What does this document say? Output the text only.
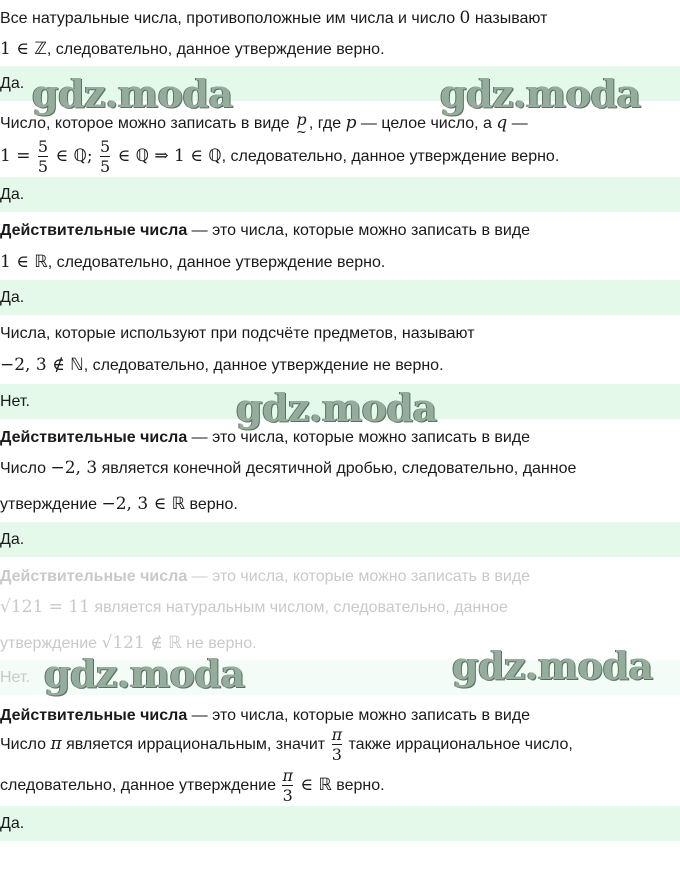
Все натуральные числа, противоположные им числа и число 0 называют
1 ∈ ℤ, следовательно, данное утверждение верно.
Да.
Число, которое можно записать в виде p
~
, где p — целое число, а q —
$1 = \frac{5}{5}$ ∈ ℚ; $\frac{5}{5}$ ∈ ℚ ⇒ 1 ∈ ℚ, следовательно, данное утверждение верно.
Да.
Действительные числа — это числа, которые можно записать в виде
1 ∈ ℝ, следовательно, данное утверждение верно.
Да.
Числа, которые используют при подсчёте предметов, называют
−2, 3 ∉ ℕ, следовательно, данное утверждение не верно.
Нет.
Действительные числа — это числа, которые можно записать в виде
Число −2, 3 является конечной десятичной дробью, следовательно, данное
утверждение −2, 3 ∈ ℝ верно.
Да.
Действительные числа — это числа, которые можно записать в виде
√121 = 11 является натуральным числом, следовательно, данное
утверждение √121 ∉ ℝ не верно.
Нет.
Действительные числа — это числа, которые можно записать в виде
Число π является иррациональным, значит $\frac{\pi}{3}$ также иррациональное число,
следовательно, данное утверждение $\frac{\pi}{3}$ ∈ ℝ верно.
Да.
gdz.moda	gdz.moda
gdz.moda
gdz.moda	gdz.moda
